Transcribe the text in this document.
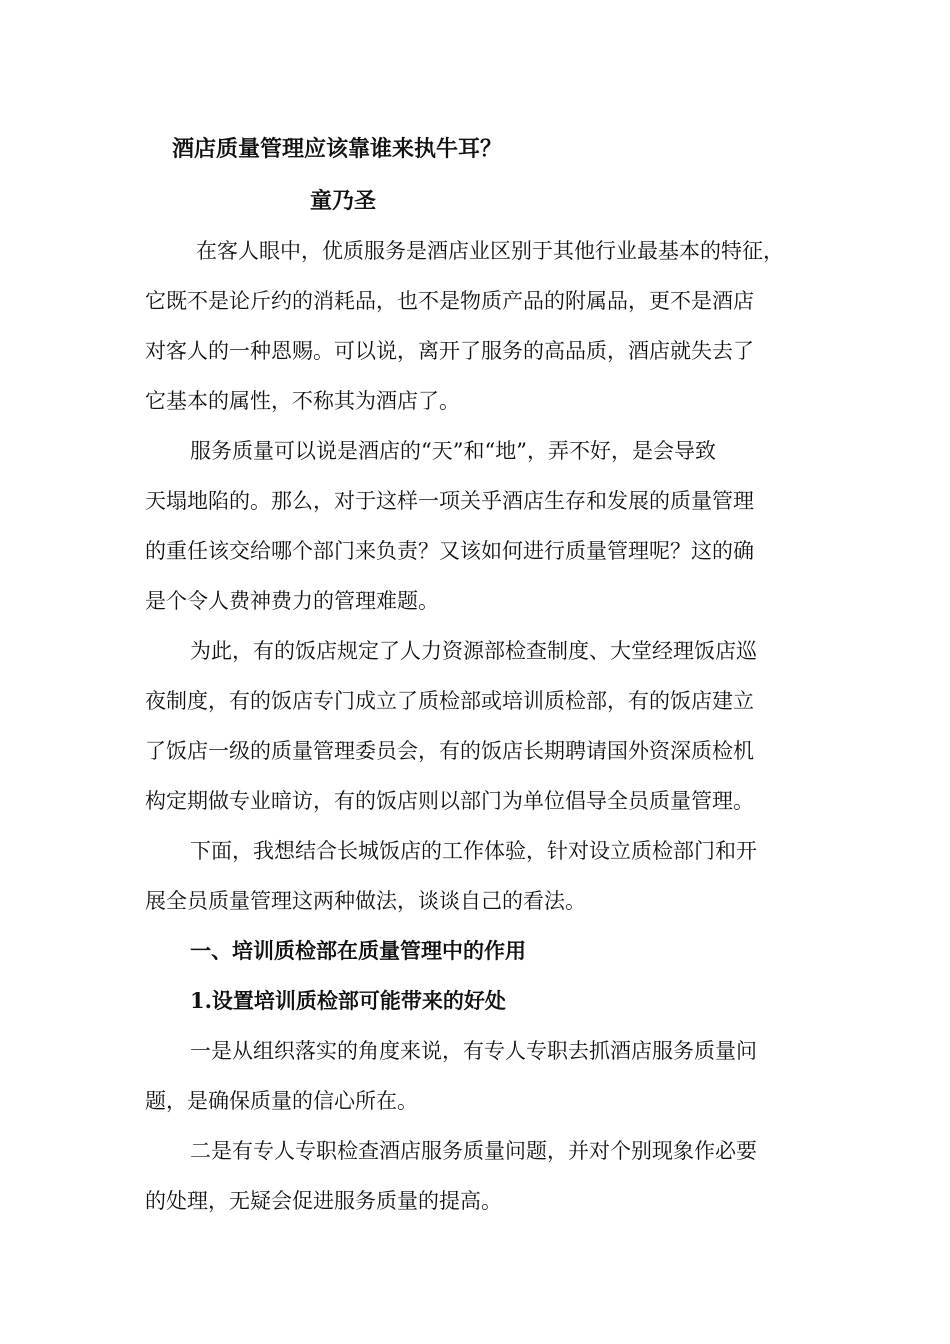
酒店质量管理应该靠谁来执牛耳？
童乃圣
在客人眼中，优质服务是酒店业区别于其他行业最基本的特征，
它既不是论斤约的消耗品，也不是物质产品的附属品，更不是酒店
对客人的一种恩赐。可以说，离开了服务的高品质，酒店就失去了
它基本的属性，不称其为酒店了。
服务质量可以说是酒店的“天”和“地”，弄不好，是会导致
天塌地陷的。那么，对于这样一项关乎酒店生存和发展的质量管理
的重任该交给哪个部门来负责？又该如何进行质量管理呢？这的确
是个令人费神费力的管理难题。
为此，有的饭店规定了人力资源部检查制度、大堂经理饭店巡
夜制度，有的饭店专门成立了质检部或培训质检部，有的饭店建立
了饭店一级的质量管理委员会，有的饭店长期聘请国外资深质检机
构定期做专业暗访，有的饭店则以部门为单位倡导全员质量管理。
下面，我想结合长城饭店的工作体验，针对设立质检部门和开
展全员质量管理这两种做法，谈谈自己的看法。
一、培训质检部在质量管理中的作用
1.设置培训质检部可能带来的好处
一是从组织落实的角度来说，有专人专职去抓酒店服务质量问
题，是确保质量的信心所在。
二是有专人专职检查酒店服务质量问题，并对个别现象作必要
的处理，无疑会促进服务质量的提高。
